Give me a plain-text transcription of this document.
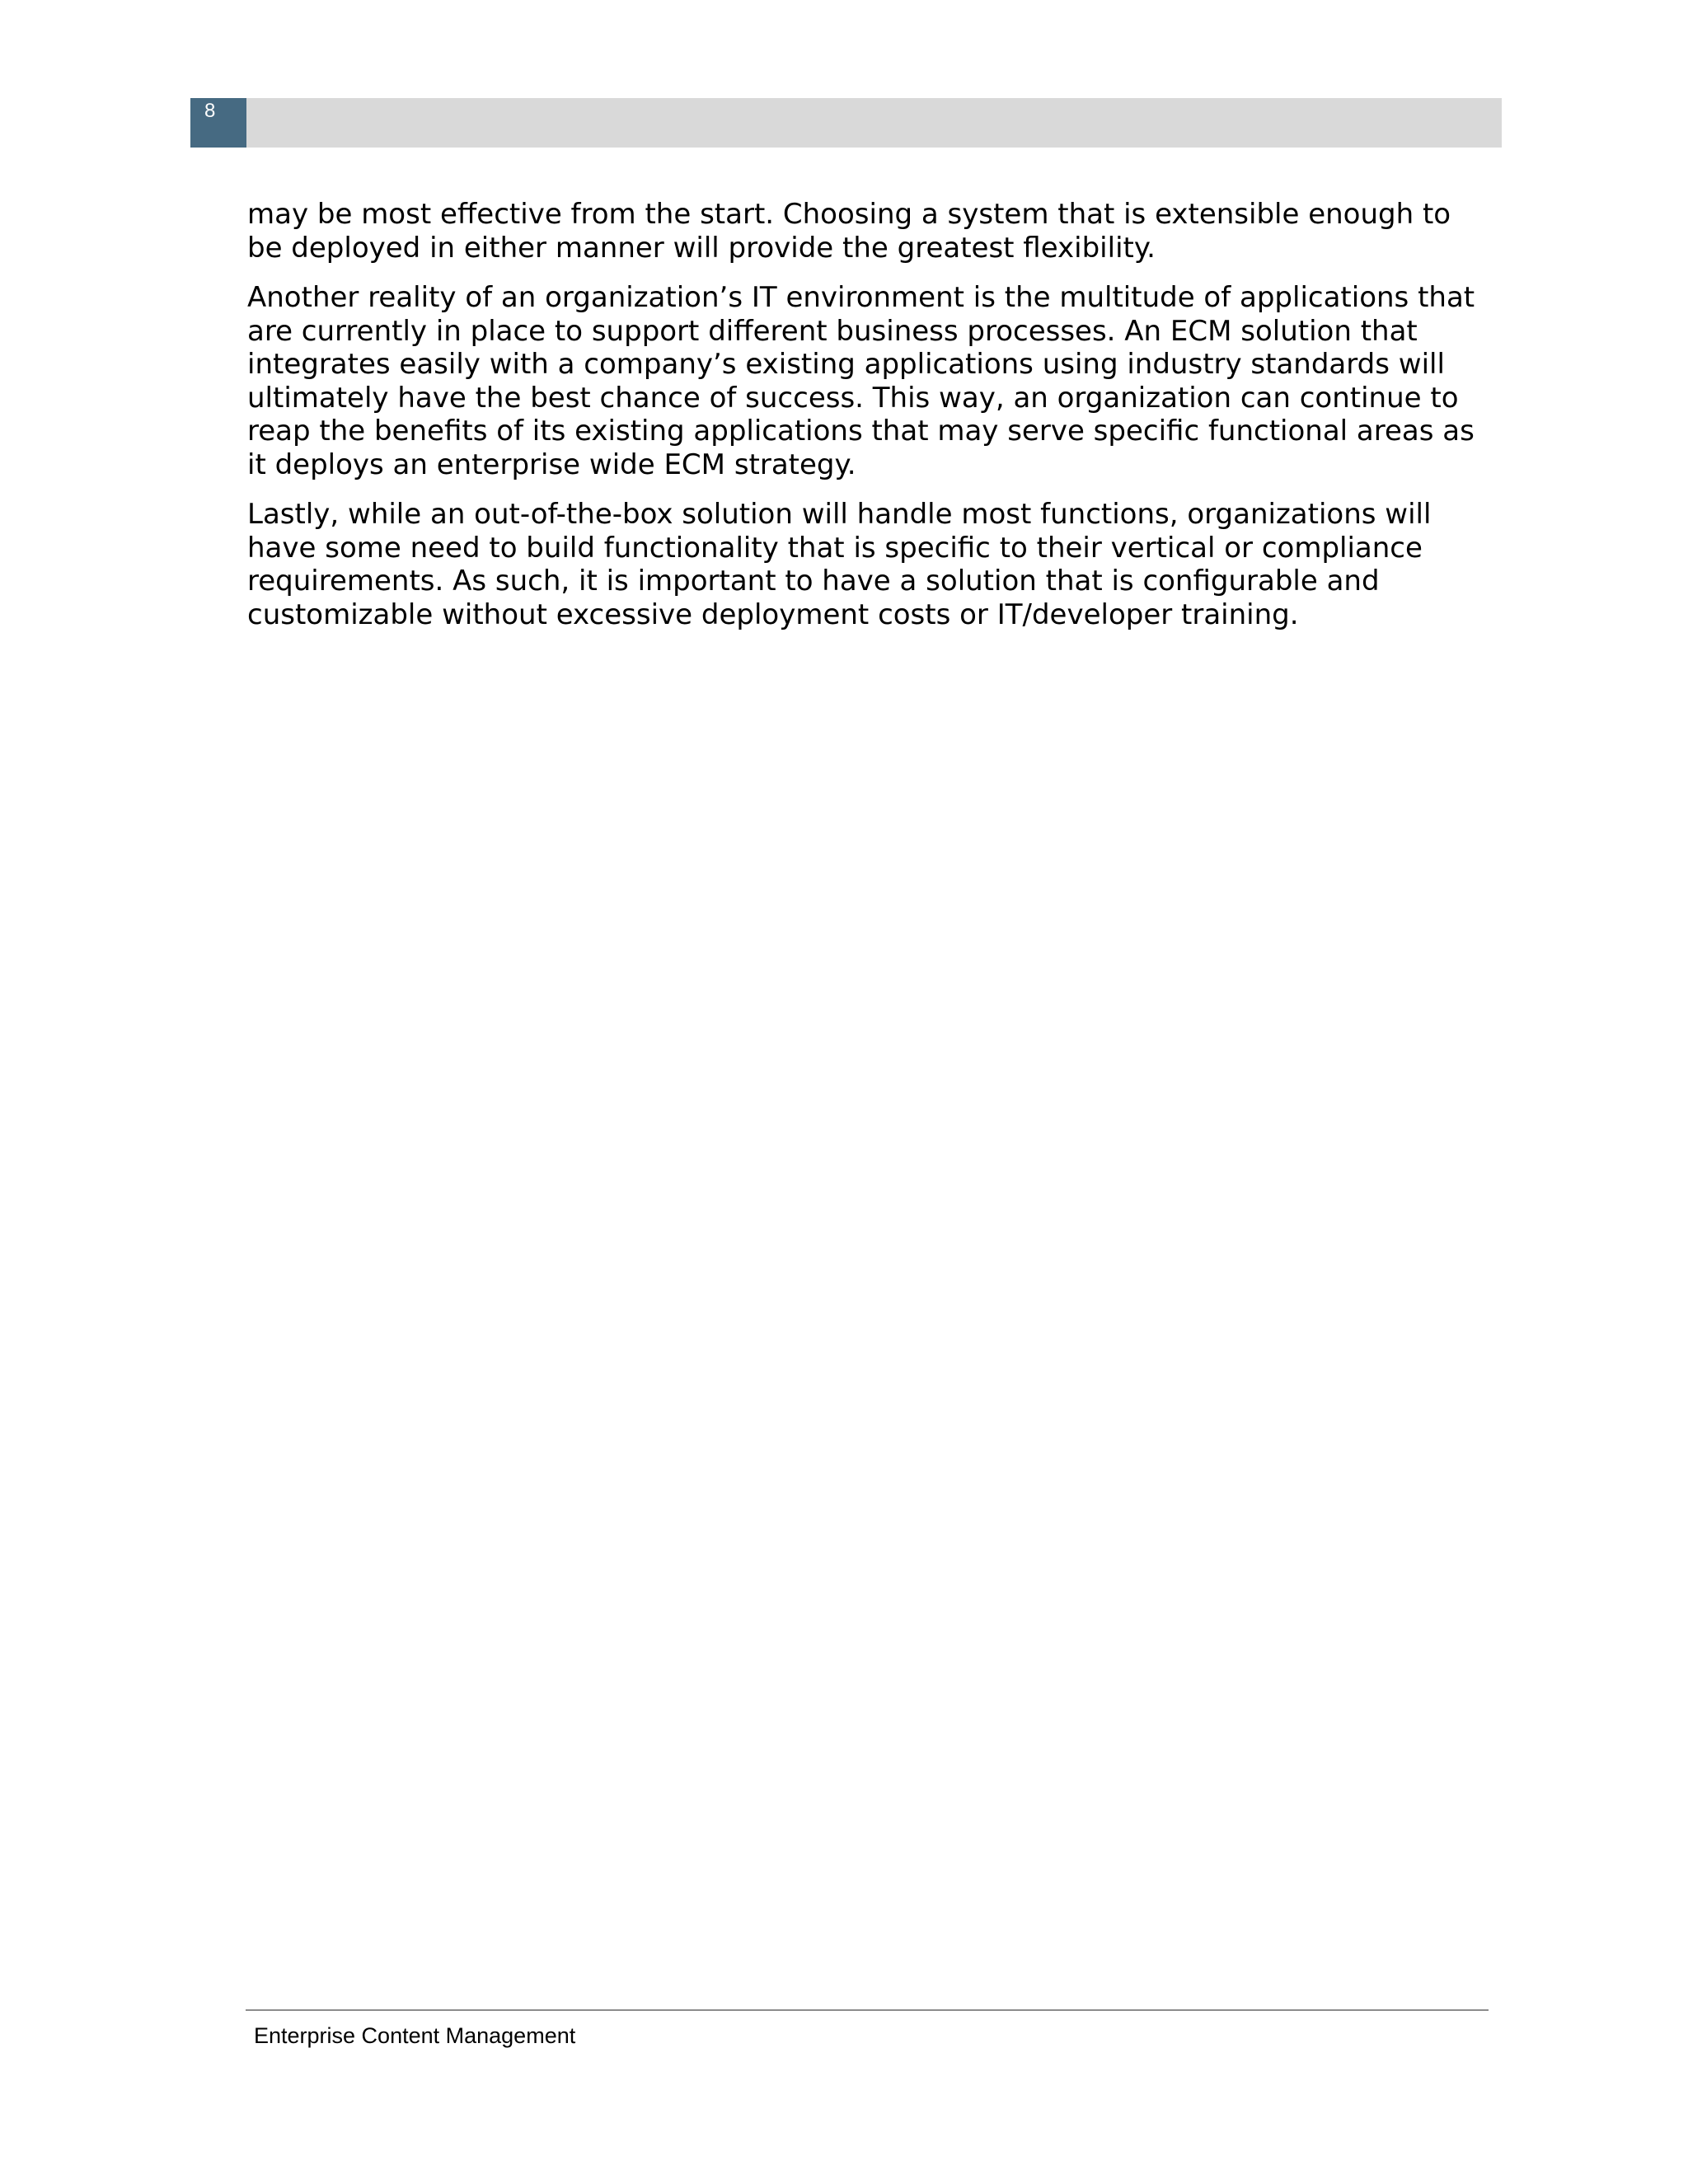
8

may be most effective from the start. Choosing a system that is extensible enough to be deployed in either manner will provide the greatest flexibility.

Another reality of an organization’s IT environment is the multitude of applications that are currently in place to support different business processes. An ECM solution that integrates easily with a company’s existing applications using industry standards will ultimately have the best chance of success. This way, an organization can continue to reap the benefits of its existing applications that may serve specific functional areas as it deploys an enterprise wide ECM strategy.

Lastly, while an out-of-the-box solution will handle most functions, organizations will have some need to build functionality that is specific to their vertical or compliance requirements. As such, it is important to have a solution that is configurable and customizable without excessive deployment costs or IT/developer training.

Enterprise Content Management
